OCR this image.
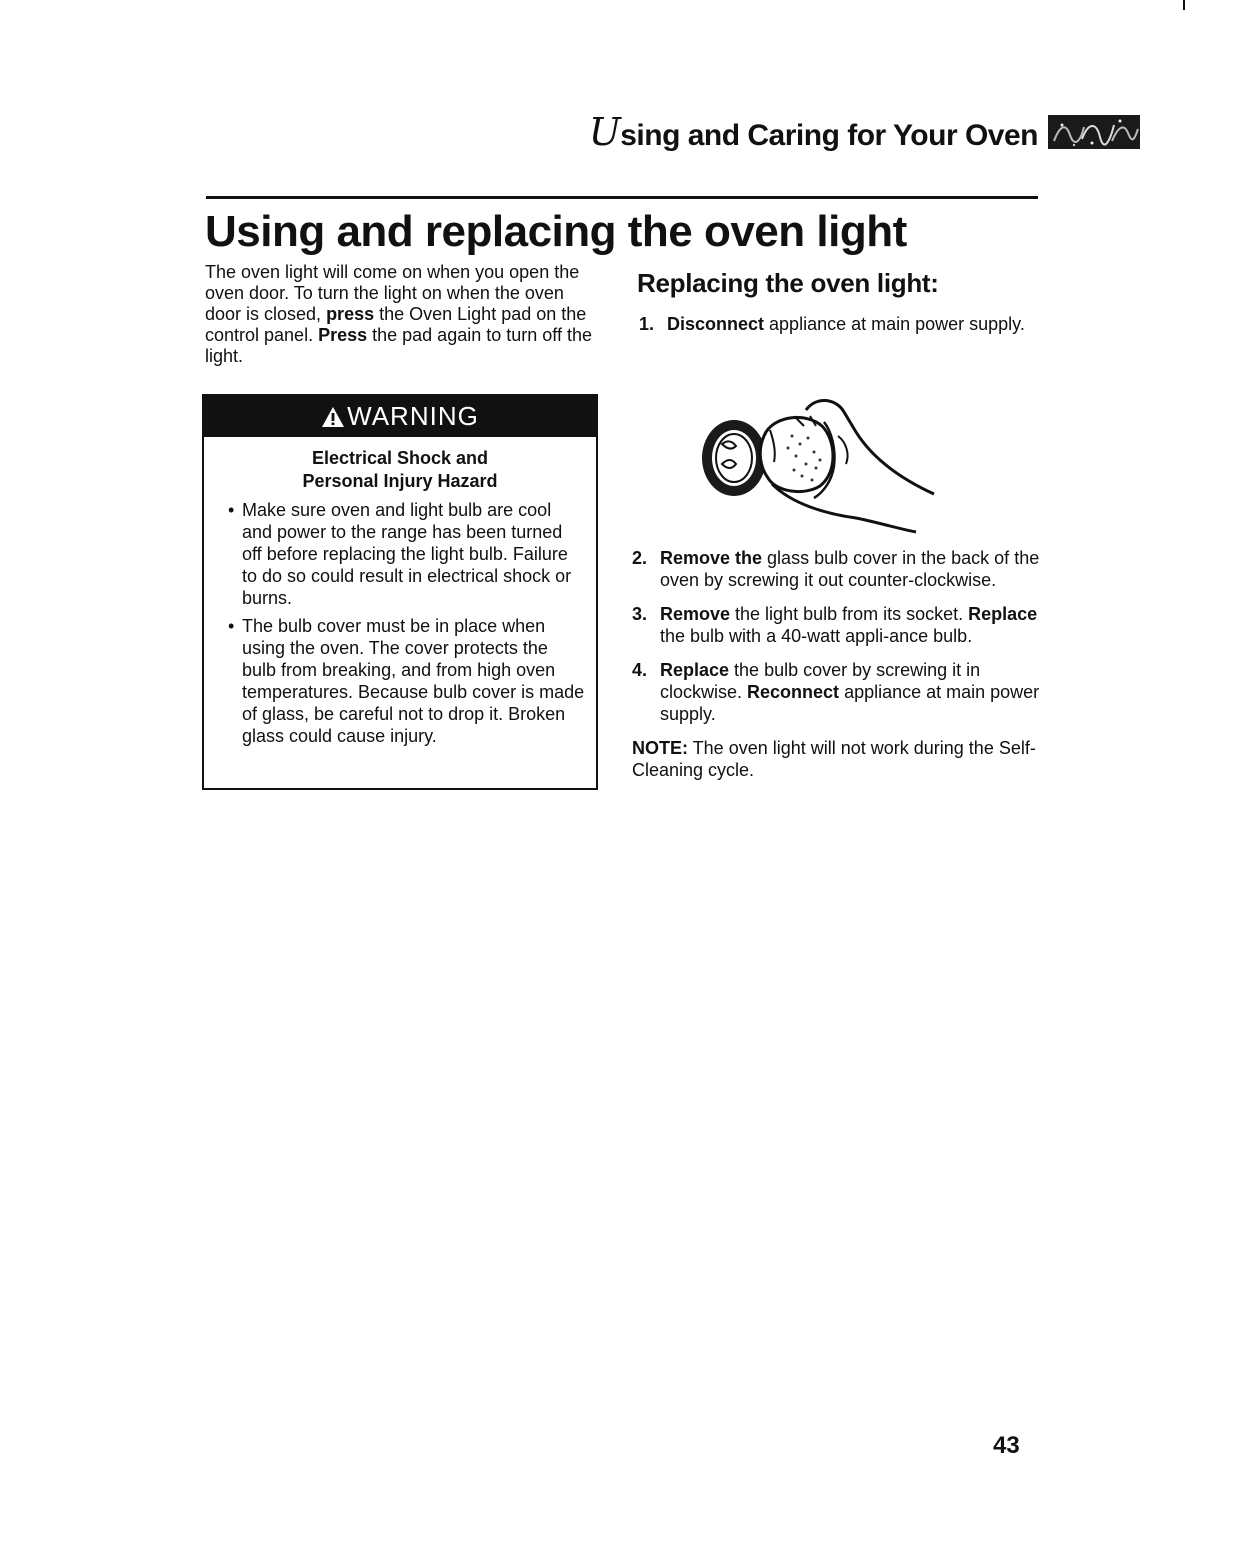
Using and Caring for Your Oven
Using and replacing the oven light

The oven light will come on when you open the oven door. To turn the light on when the oven door is closed, press the Oven Light pad on the control panel. Press the pad again to turn off the light.

WARNING
Electrical Shock and
Personal Injury Hazard
• Make sure oven and light bulb are cool and power to the range has been turned off before replacing the light bulb. Failure to do so could result in electrical shock or burns.
• The bulb cover must be in place when using the oven. The cover protects the bulb from breaking, and from high oven temperatures. Because bulb cover is made of glass, be careful not to drop it. Broken glass could cause injury.
Replacing the oven light:
1. Disconnect appliance at main power supply.
2. Remove the glass bulb cover in the back of the oven by screwing it out counter-clockwise.
3. Remove the light bulb from its socket. Replace the bulb with a 40-watt appli-ance bulb.
4. Replace the bulb cover by screwing it in clockwise. Reconnect appliance at main power supply.
NOTE: The oven light will not work during the Self-Cleaning cycle.
43
